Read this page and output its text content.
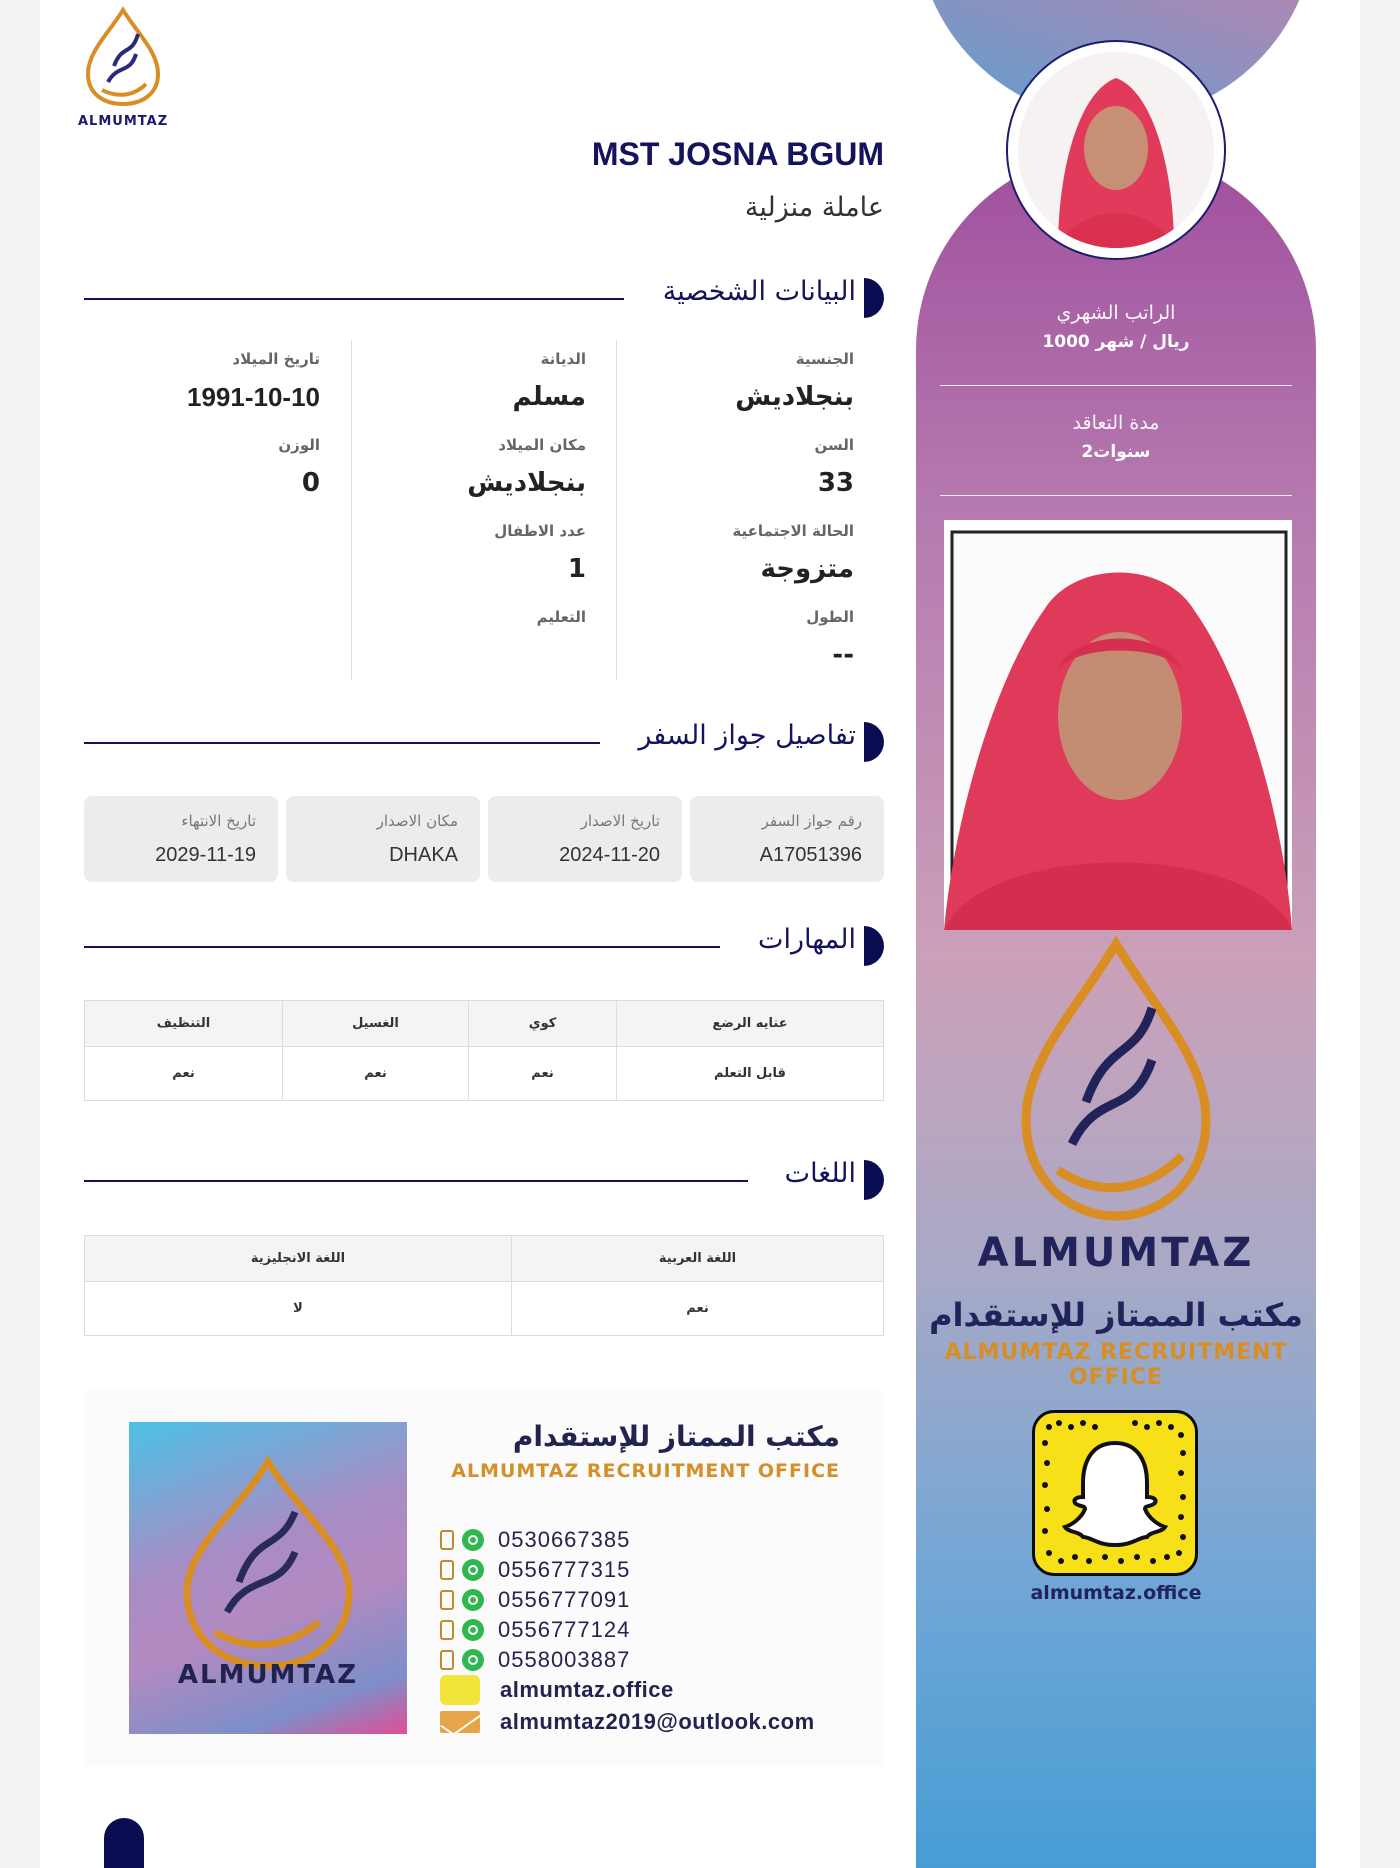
ALMUMTAZ
MST JOSNA BGUM
عاملة منزلية
البيانات الشخصية
الجنسية
بنجلاديش
السن
33
الحالة الاجتماعية
متزوجة
الطول
--
الديانة
مسلم
مكان الميلاد
بنجلاديش
عدد الاطفال
1
التعليم
تاريخ الميلاد
1991-10-10
الوزن
0
تفاصيل جواز السفر
رقم جواز السفر
A17051396
تاريخ الاصدار
2024-11-20
مكان الاصدار
DHAKA
تاريخ الانتهاء
2029-11-19
المهارات
عنايه الرضع	كوي	الغسيل	التنظيف
قابل التعلم	نعم	نعم	نعم
اللغات
اللغة العربية	اللغة الانجليزية
نعم	لا
ALMUMTAZ
مكتب الممتاز للإستقدام
ALMUMTAZ RECRUITMENT OFFICE
0530667385
0556777315
0556777091
0556777124
0558003887
almumtaz.office
almumtaz2019@outlook.com
الراتب الشهري
1000 ريال / شهر
مدة التعاقد
2سنوات
ALMUMTAZ
مكتب الممتاز للإستقدام
ALMUMTAZ RECRUITMENT OFFICE
almumtaz.office
